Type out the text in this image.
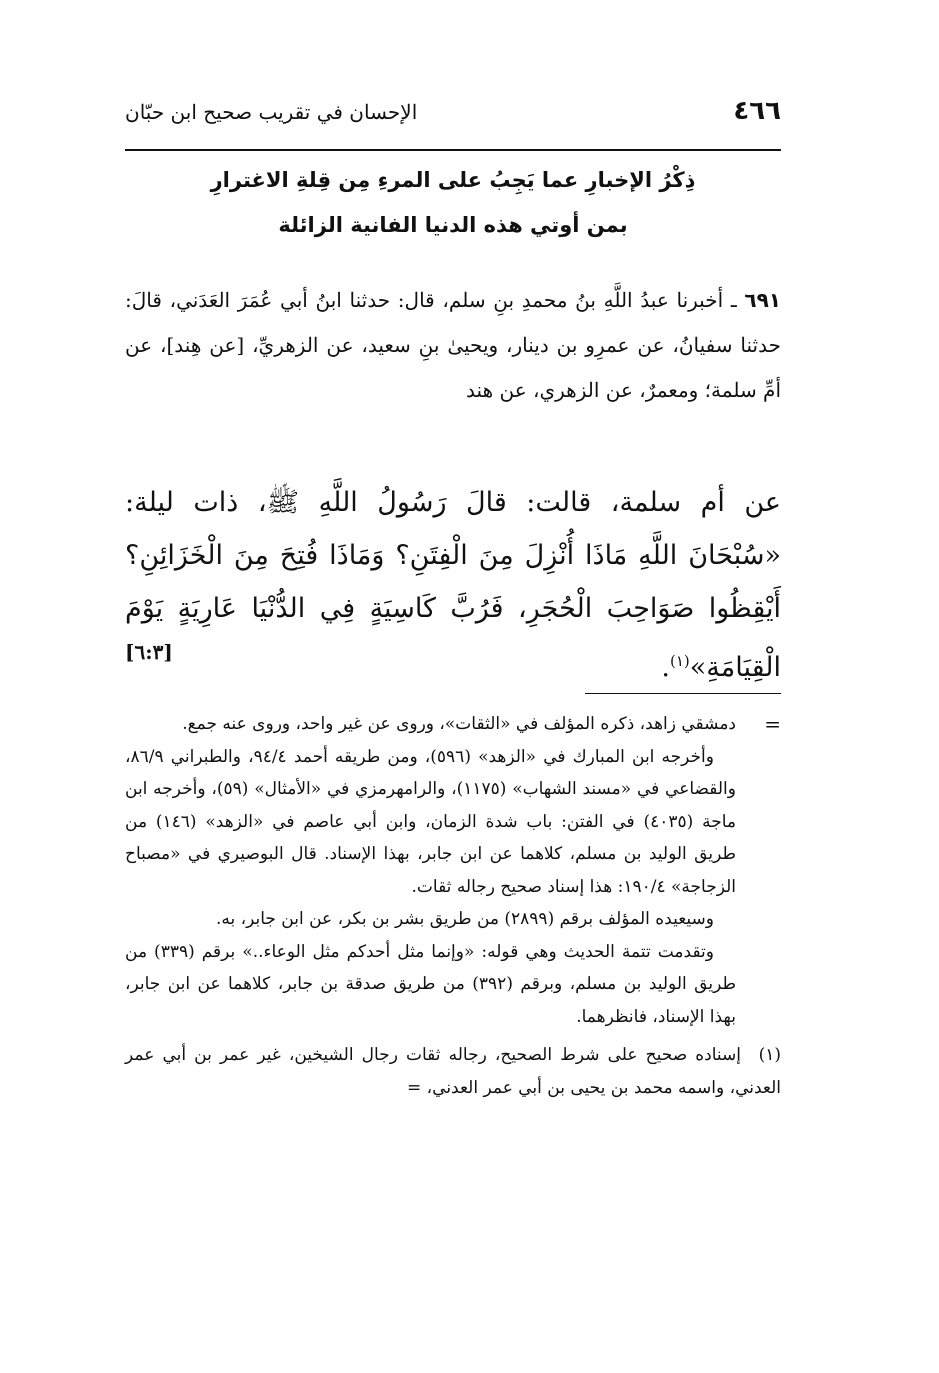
٤٦٦
الإحسان في تقريب صحيح ابن حبّان
ذِكْرُ الإخبارِ عما يَجِبُ على المرءِ مِن قِلةِ الاغترارِ
بمن أوتي هذه الدنيا الفانية الزائلة
٦٩١ ـ أخبرنا عبدُ اللَّهِ بنُ محمدِ بنِ سلم، قال: حدثنا ابنُ أبي عُمَرَ العَدَني، قالَ: حدثنا سفيانُ، عن عمرِو بن دينار، ويحيىٰ بنِ سعيد، عن الزهريِّ، [عن هِند]، عن أمِّ سلمة؛ ومعمرٌ، عن الزهري، عن هند
عن أم سلمة، قالت: قالَ رَسُولُ اللَّهِ ﷺ، ذات ليلة: «سُبْحَانَ اللَّهِ مَاذَا أُنْزِلَ مِنَ الْفِتَنِ؟ وَمَاذَا فُتِحَ مِنَ الْخَزَائِنِ؟ أَيْقِظُوا صَوَاحِبَ الْحُجَرِ، فَرُبَّ كَاسِيَةٍ فِي الدُّنْيَا عَارِيَةٍ يَوْمَ الْقِيَامَةِ»$^{(١)}$.
[٦:٣]

=
دمشقي زاهد، ذكره المؤلف في «الثقات»، وروى عن غير واحد، وروى عنه جمع.

وأخرجه ابن المبارك في «الزهد» (٥٩٦)، ومن طريقه أحمد ٩٤/٤، والطبراني ٨٦/٩، والقضاعي في «مسند الشهاب» (١١٧٥)، والرامهرمزي في «الأمثال» (٥٩)، وأخرجه ابن ماجة (٤٠٣٥) في الفتن: باب شدة الزمان، وابن أبي عاصم في «الزهد» (١٤٦) من طريق الوليد بن مسلم، كلاهما عن ابن جابر، بهذا الإسناد. قال البوصيري في «مصباح الزجاجة» ١٩٠/٤: هذا إسناد صحيح رجاله ثقات.

وسيعيده المؤلف برقم (٢٨٩٩) من طريق بشر بن بكر، عن ابن جابر، به.

وتقدمت تتمة الحديث وهي قوله: «وإنما مثل أحدكم مثل الوعاء..» برقم (٣٣٩) من طريق الوليد بن مسلم، وبرقم (٣٩٢) من طريق صدقة بن جابر، كلاهما عن ابن جابر، بهذا الإسناد، فانظرهما.

(١)إسناده صحيح على شرط الصحيح، رجاله ثقات رجال الشيخين، غير عمر بن أبي عمر العدني، واسمه محمد بن يحيى بن أبي عمر العدني، =
